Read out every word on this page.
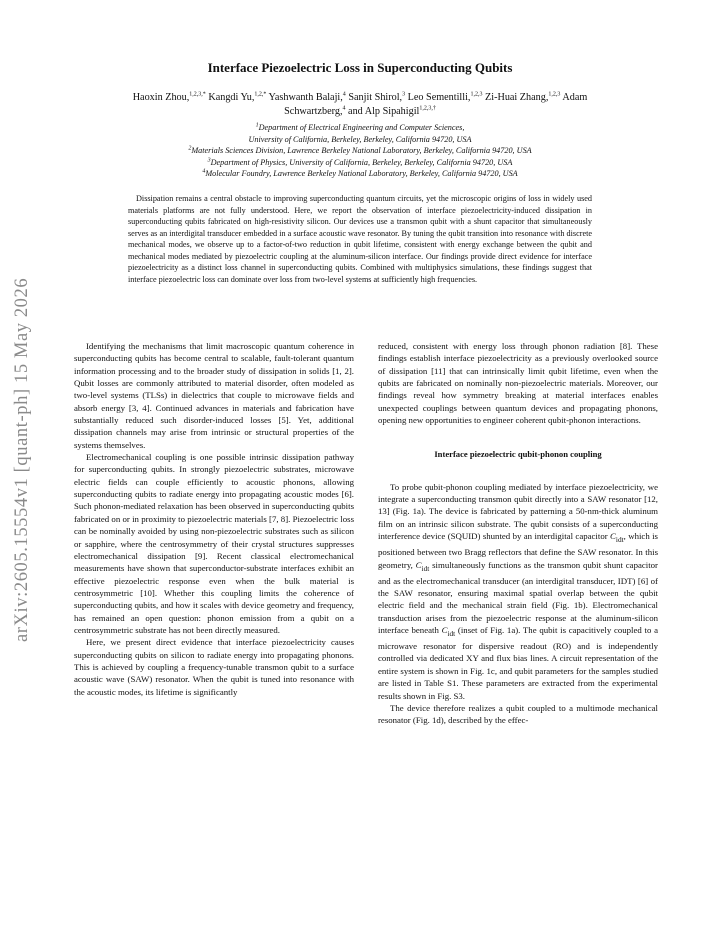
arXiv:2605.15554v1 [quant-ph] 15 May 2026
Interface Piezoelectric Loss in Superconducting Qubits
Haoxin Zhou,$^{1,2,3,*}$ Kangdi Yu,$^{1,2,*}$ Yashwanth Balaji,$^4$ Sanjit Shirol,$^3$ Leo Sementilli,$^{1,2,3}$ Zi-Huai Zhang,$^{1,2,3}$ Adam Schwartzberg,$^4$ and Alp Sipahigil$^{1,2,3,\dagger}$
$^1$Department of Electrical Engineering and Computer Sciences,
University of California, Berkeley, Berkeley, California 94720, USA
$^2$Materials Sciences Division, Lawrence Berkeley National Laboratory, Berkeley, California 94720, USA
$^3$Department of Physics, University of California, Berkeley, Berkeley, California 94720, USA
$^4$Molecular Foundry, Lawrence Berkeley National Laboratory, Berkeley, California 94720, USA
Dissipation remains a central obstacle to improving superconducting quantum circuits, yet the microscopic origins of loss in widely used materials platforms are not fully understood. Here, we report the observation of interface piezoelectricity-induced dissipation in superconducting qubits fabricated on high-resistivity silicon. Our devices use a transmon qubit with a shunt capacitor that simultaneously serves as an interdigital transducer embedded in a surface acoustic wave resonator. By tuning the qubit transition into resonance with discrete mechanical modes, we observe up to a factor-of-two reduction in qubit lifetime, consistent with energy exchange between the qubit and mechanical modes mediated by piezoelectric coupling at the aluminum-silicon interface. Our findings provide direct evidence for interface piezoelectricity as a distinct loss channel in superconducting qubits. Combined with multiphysics simulations, these findings suggest that interface piezoelectric loss can dominate over loss from two-level systems at sufficiently high frequencies.

Identifying the mechanisms that limit macroscopic quantum coherence in superconducting qubits has become central to scalable, fault-tolerant quantum information processing and to the broader study of dissipation in solids [1, 2]. Qubit losses are commonly attributed to material disorder, often modeled as two-level systems (TLSs) in dielectrics that couple to microwave fields and absorb energy [3, 4]. Continued advances in materials and fabrication have substantially reduced such disorder-induced losses [5]. Yet, additional dissipation channels may arise from intrinsic or structural properties of the systems themselves.

Electromechanical coupling is one possible intrinsic dissipation pathway for superconducting qubits. In strongly piezoelectric substrates, microwave electric fields can couple efficiently to acoustic phonons, allowing superconducting qubits to radiate energy into propagating acoustic modes [6]. Such phonon-mediated relaxation has been observed in superconducting qubits fabricated on or in proximity to piezoelectric materials [7, 8]. Piezoelectric loss can be nominally avoided by using non-piezoelectric substrates such as silicon or sapphire, where the centrosymmetry of their crystal structures suppresses electromechanical dissipation [9]. Recent classical electromechanical measurements have shown that superconductor-substrate interfaces exhibit an effective piezoelectric response even when the bulk material is centrosymmetric [10]. Whether this coupling limits the coherence of superconducting qubits, and how it scales with device geometry and frequency, has remained an open question: phonon emission from a qubit on a centrosymmetric substrate has not been directly measured.

Here, we present direct evidence that interface piezoelectricity causes superconducting qubits on silicon to radiate energy into propagating phonons. This is achieved by coupling a frequency-tunable transmon qubit to a surface acoustic wave (SAW) resonator. When the qubit is tuned into resonance with the acoustic modes, its lifetime is significantly

reduced, consistent with energy loss through phonon radiation [8]. These findings establish interface piezoelectricity as a previously overlooked source of dissipation [11] that can intrinsically limit qubit lifetime, even when the qubits are fabricated on nominally non-piezoelectric materials. Moreover, our findings reveal how symmetry breaking at material interfaces enables unexpected couplings between quantum devices and propagating phonons, opening new opportunities to engineer coherent qubit-phonon interactions.

Interface piezoelectric qubit-phonon coupling

To probe qubit-phonon coupling mediated by interface piezoelectricity, we integrate a superconducting transmon qubit directly into a SAW resonator [12, 13] (Fig. 1a). The device is fabricated by patterning a 50-nm-thick aluminum film on an intrinsic silicon substrate. The qubit consists of a superconducting interference device (SQUID) shunted by an interdigital capacitor $C_{idt}$, which is positioned between two Bragg reflectors that define the SAW resonator. In this geometry, $C_{idt}$ simultaneously functions as the transmon qubit shunt capacitor and as the electromechanical transducer (an interdigital transducer, IDT) [6] of the SAW resonator, ensuring maximal spatial overlap between the qubit electric field and the mechanical strain field (Fig. 1b). Electromechanical transduction arises from the piezoelectric response at the aluminum-silicon interface beneath $C_{idt}$ (inset of Fig. 1a). The qubit is capacitively coupled to a microwave resonator for dispersive readout (RO) and is independently controlled via dedicated XY and flux bias lines. A circuit representation of the entire system is shown in Fig. 1c, and qubit parameters for the samples studied are listed in Table S1. These parameters are extracted from the experimental results shown in Fig. S3.

The device therefore realizes a qubit coupled to a multimode mechanical resonator (Fig. 1d), described by the effec-
